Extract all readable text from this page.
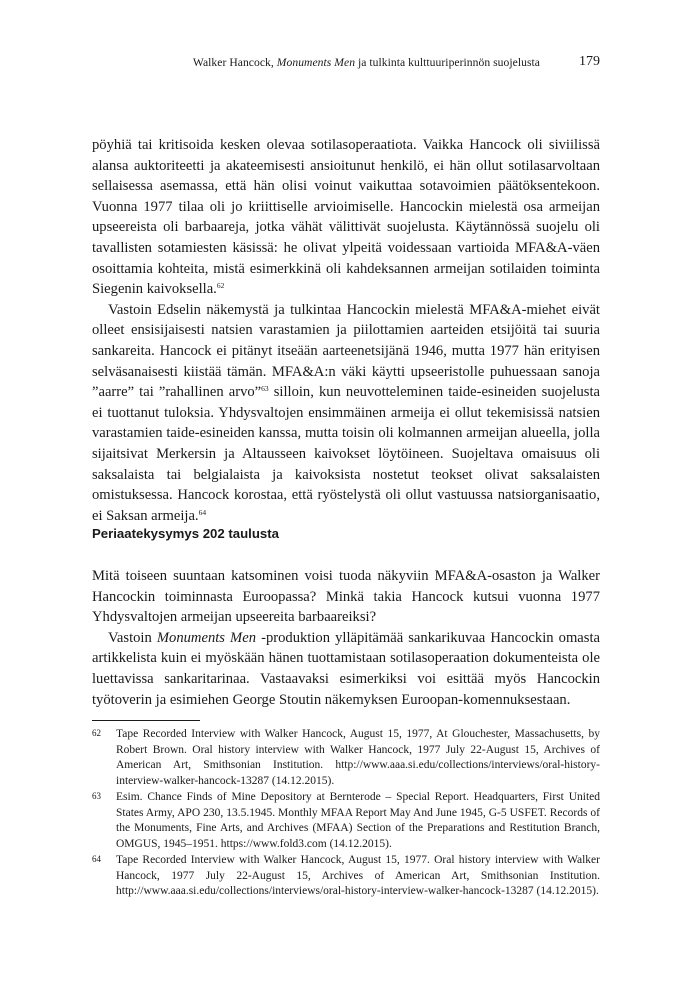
Walker Hancock, Monuments Men ja tulkinta kulttuuriperinnön suojelusta	179

pöyhiä tai kritisoida kesken olevaa sotilasoperaatiota. Vaikka Hancock oli siviilissä alansa auktoriteetti ja akateemisesti ansioitunut henkilö, ei hän ollut sotilasarvoltaan sellaisessa asemassa, että hän olisi voinut vaikuttaa sotavoimien päätöksentekoon. Vuonna 1977 tilaa oli jo kriittiselle arvioimiselle. Hancockin mielestä osa armeijan upseereista oli barbaareja, jotka vähät välittivät suojelusta. Käytännössä suojelu oli tavallisten sotamiesten käsissä: he olivat ylpeitä voidessaan vartioida MFA&A-väen osoittamia kohteita, mistä esimerkkinä oli kahdeksannen armeijan sotilaiden toiminta Siegenin kaivoksella.$^{62}$

Vastoin Edselin näkemystä ja tulkintaa Hancockin mielestä MFA&A-miehet eivät olleet ensisijaisesti natsien varastamien ja piilottamien aarteiden etsijöitä tai suuria sankareita. Hancock ei pitänyt itseään aarteenetsijänä 1946, mutta 1977 hän erityisen selväsanaisesti kiistää tämän. MFA&A:n väki käytti upseeristolle puhuessaan sanoja ”aarre” tai ”rahallinen arvo”$^{63}$ silloin, kun neuvotteleminen taide-esineiden suojelusta ei tuottanut tuloksia. Yhdysvaltojen ensimmäinen armeija ei ollut tekemisissä natsien varastamien taide-esineiden kanssa, mutta toisin oli kolmannen armeijan alueella, jolla sijaitsivat Merkersin ja Altausseen kaivokset löytöineen. Suojeltava omaisuus oli saksalaista tai belgialaista ja kaivoksista nostetut teokset olivat saksalaisten omistuksessa. Hancock korostaa, että ryöstelystä oli ollut vastuussa natsiorganisaatio, ei Saksan armeija.$^{64}$

Periaatekysymys 202 taulusta

Mitä toiseen suuntaan katsominen voisi tuoda näkyviin MFA&A-osaston ja Walker Hancockin toiminnasta Euroopassa? Minkä takia Hancock kutsui vuonna 1977 Yhdysvaltojen armeijan upseereita barbaareiksi?

Vastoin Monuments Men -produktion ylläpitämää sankarikuvaa Hancockin omasta artikkelista kuin ei myöskään hänen tuottamistaan sotilasoperaation dokumenteista ole luettavissa sankaritarinaa. Vastaavaksi esimerkiksi voi esittää myös Hancockin työtoverin ja esimiehen George Stoutin näkemyksen Euroopan-komennuksestaan.

62 Tape Recorded Interview with Walker Hancock, August 15, 1977, At Glouchester, Massachusetts, by Robert Brown. Oral history interview with Walker Hancock, 1977 July 22-August 15, Archives of American Art, Smithsonian Institution. http://www.aaa.si.edu/collections/interviews/oral-history-interview-walker-hancock-13287 (14.12.2015).
63 Esim. Chance Finds of Mine Depository at Bernterode – Special Report. Headquarters, First United States Army, APO 230, 13.5.1945. Monthly MFAA Report May And June 1945, G-5 USFET. Records of the Monuments, Fine Arts, and Archives (MFAA) Section of the Preparations and Restitution Branch, OMGUS, 1945–1951. https://www.fold3.com (14.12.2015).
64 Tape Recorded Interview with Walker Hancock, August 15, 1977. Oral history interview with Walker Hancock, 1977 July 22-August 15, Archives of American Art, Smithsonian Institution. http://www.aaa.si.edu/collections/interviews/oral-history-interview-walker-hancock-13287 (14.12.2015).
